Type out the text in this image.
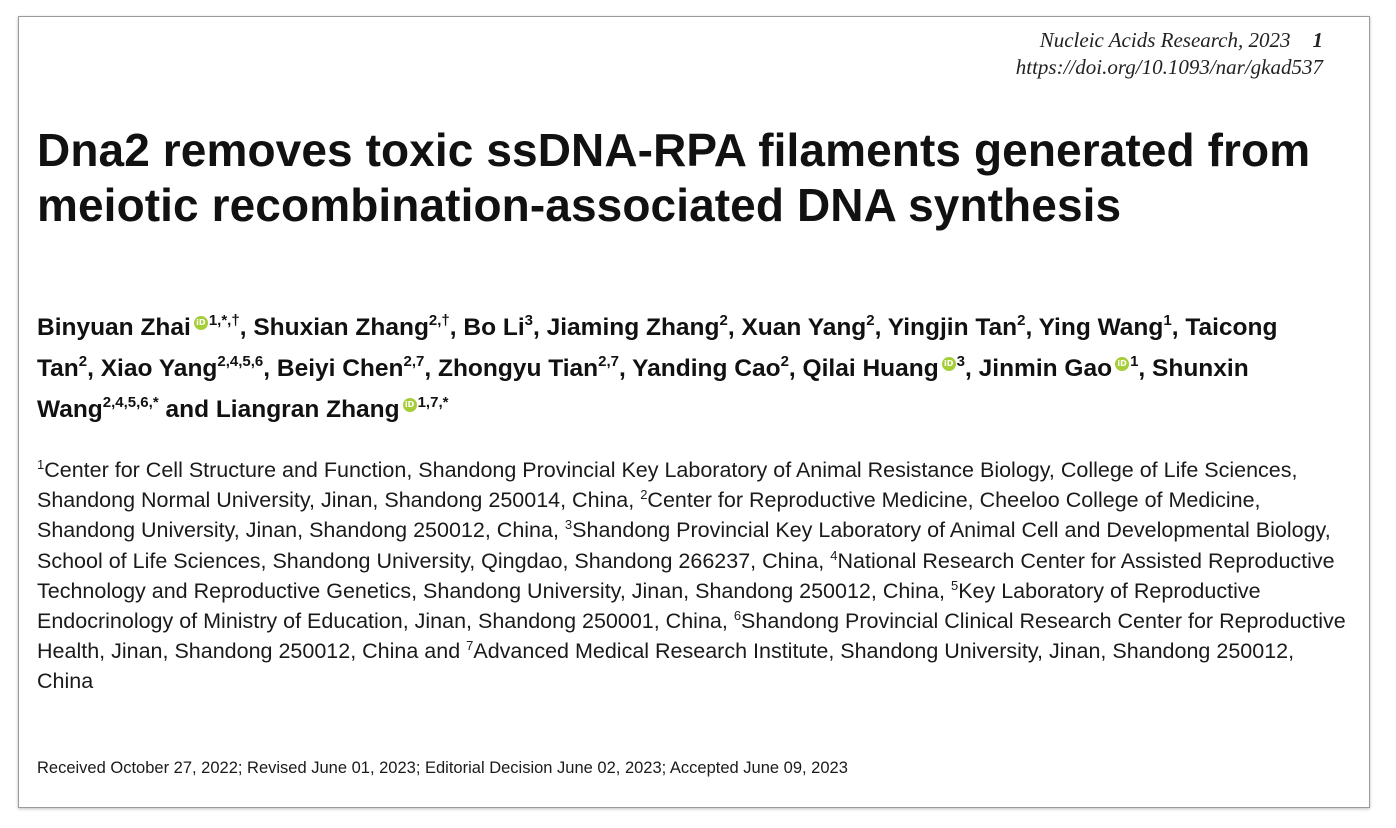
Nucleic Acids Research, 2023 1
https://doi.org/10.1093/nar/gkad537
Dna2 removes toxic ssDNA-RPA filaments generated from meiotic recombination-associated DNA synthesis
Binyuan Zhai iD $^{1,*,\dagger}$, Shuxian Zhang$^{2,\dagger}$, Bo Li$^3$, Jiaming Zhang$^2$, Xuan Yang$^2$, Yingjin Tan$^2$, Ying Wang$^1$, Taicong Tan$^2$, Xiao Yang$^{2,4,5,6}$, Beiyi Chen$^{2,7}$, Zhongyu Tian$^{2,7}$, Yanding Cao$^2$, Qilai Huang iD $^3$, Jinmin Gao iD $^1$, Shunxin Wang$^{2,4,5,6,*}$ and Liangran Zhang iD $^{1,7,*}$
$^1$Center for Cell Structure and Function, Shandong Provincial Key Laboratory of Animal Resistance Biology, College of Life Sciences, Shandong Normal University, Jinan, Shandong 250014, China, $^2$Center for Reproductive Medicine, Cheeloo College of Medicine, Shandong University, Jinan, Shandong 250012, China, $^3$Shandong Provincial Key Laboratory of Animal Cell and Developmental Biology, School of Life Sciences, Shandong University, Qingdao, Shandong 266237, China, $^4$National Research Center for Assisted Reproductive Technology and Reproductive Genetics, Shandong University, Jinan, Shandong 250012, China, $^5$Key Laboratory of Reproductive Endocrinology of Ministry of Education, Jinan, Shandong 250001, China, $^6$Shandong Provincial Clinical Research Center for Reproductive Health, Jinan, Shandong 250012, China and $^7$Advanced Medical Research Institute, Shandong University, Jinan, Shandong 250012, China
Received October 27, 2022; Revised June 01, 2023; Editorial Decision June 02, 2023; Accepted June 09, 2023
